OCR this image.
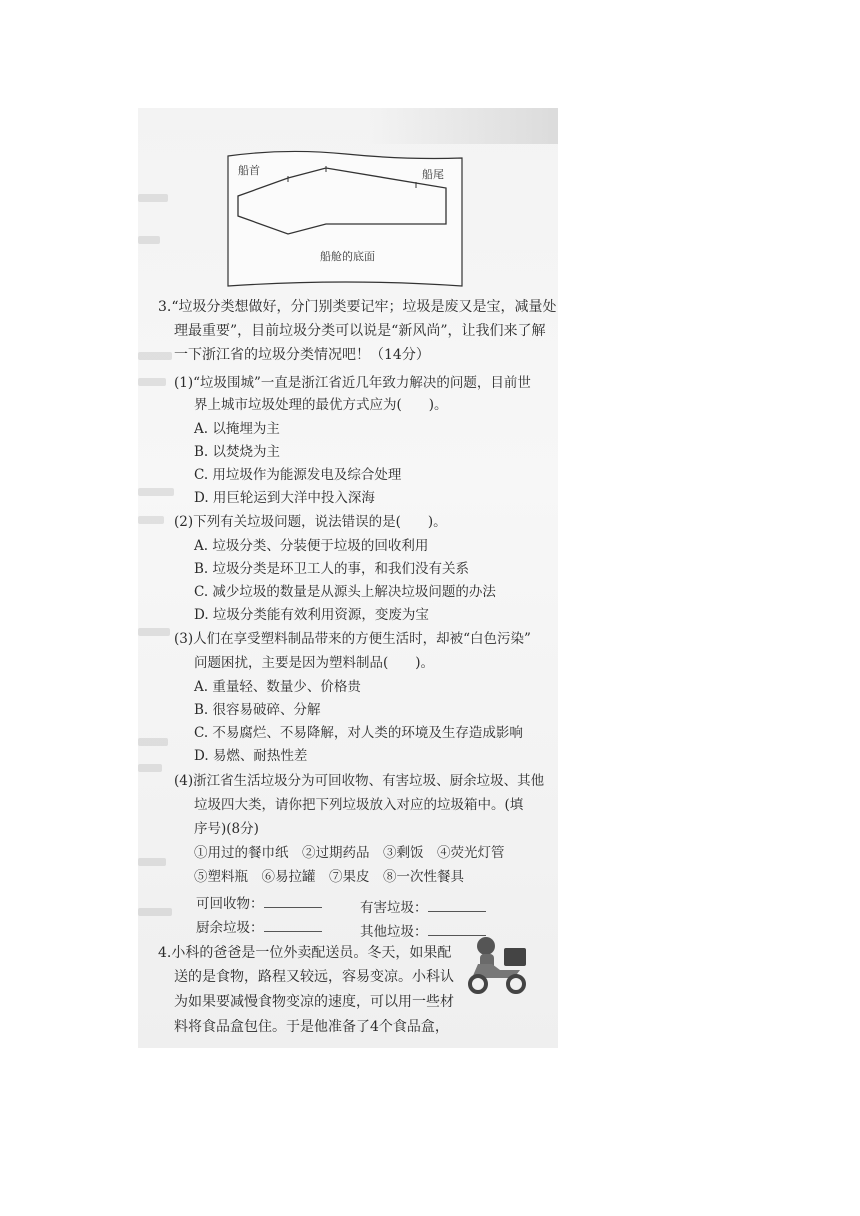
船首	船尾
船舱的底面
3.“垃圾分类想做好，分门别类要记牢；垃圾是废又是宝，减量处
理最重要”，目前垃圾分类可以说是“新风尚”，让我们来了解
一下浙江省的垃圾分类情况吧！（14分）
(1)“垃圾围城”一直是浙江省近几年致力解决的问题，目前世
界上城市垃圾处理的最优方式应为(　　)。
A. 以掩埋为主
B. 以焚烧为主
C. 用垃圾作为能源发电及综合处理
D. 用巨轮运到大洋中投入深海
(2)下列有关垃圾问题，说法错误的是(　　)。
A. 垃圾分类、分装便于垃圾的回收利用
B. 垃圾分类是环卫工人的事，和我们没有关系
C. 减少垃圾的数量是从源头上解决垃圾问题的办法
D. 垃圾分类能有效利用资源，变废为宝
(3)人们在享受塑料制品带来的方便生活时，却被“白色污染”
问题困扰，主要是因为塑料制品(　　)。
A. 重量轻、数量少、价格贵
B. 很容易破碎、分解
C. 不易腐烂、不易降解，对人类的环境及生存造成影响
D. 易燃、耐热性差
(4)浙江省生活垃圾分为可回收物、有害垃圾、厨余垃圾、其他
垃圾四大类，请你把下列垃圾放入对应的垃圾箱中。(填
序号)(8分)
①用过的餐巾纸　②过期药品　③剩饭　④荧光灯管
⑤塑料瓶　⑥易拉罐　⑦果皮　⑧一次性餐具
可回收物：	有害垃圾：
厨余垃圾：	其他垃圾：
4.小科的爸爸是一位外卖配送员。冬天，如果配
送的是食物，路程又较远，容易变凉。小科认
为如果要减慢食物变凉的速度，可以用一些材
料将食品盒包住。于是他准备了4个食品盒，
